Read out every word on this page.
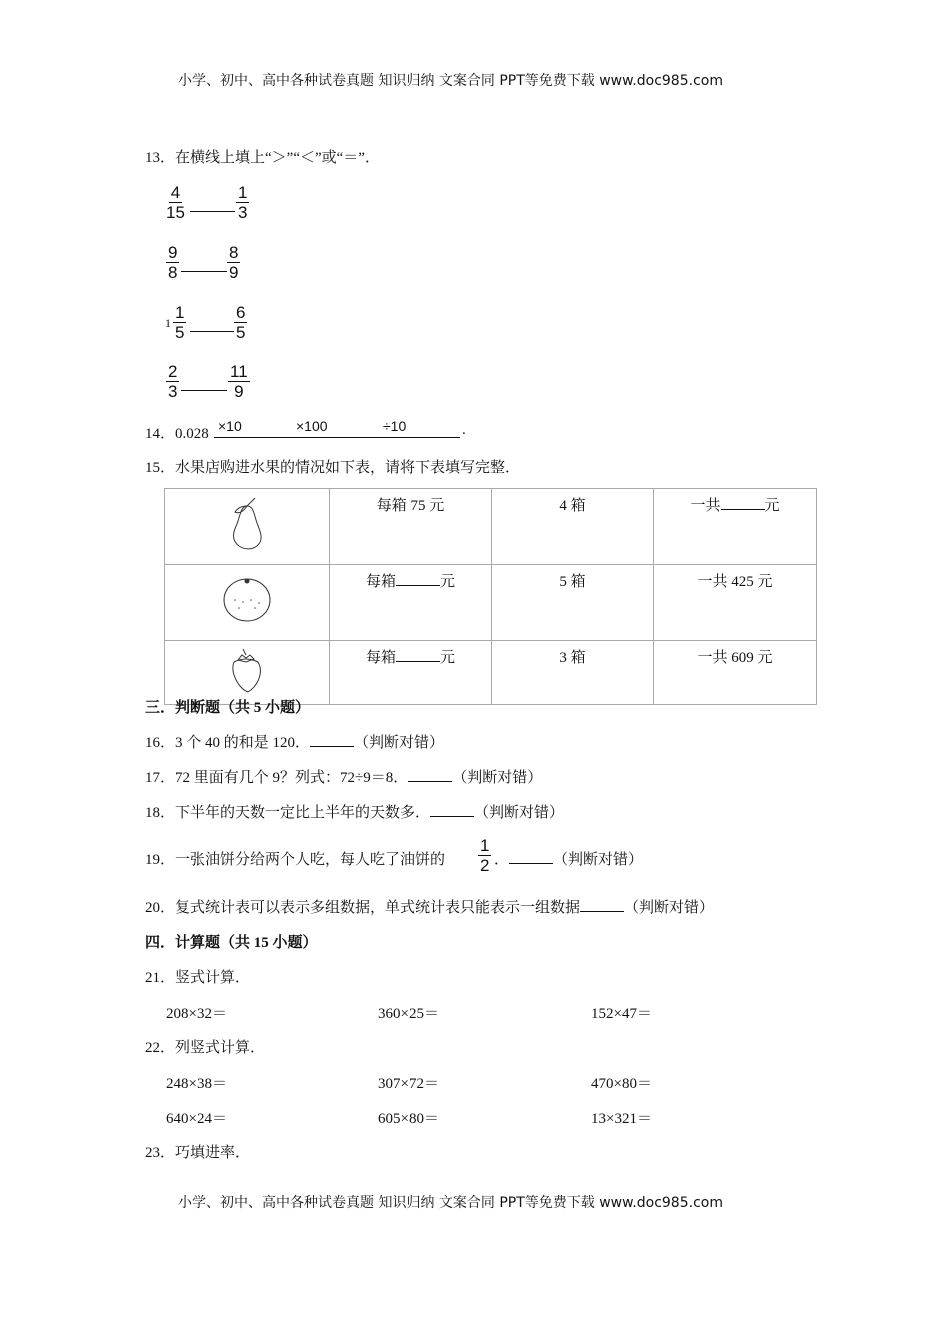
小学、初中、高中各种试卷真题 知识归纳 文案合同 PPT等免费下载 www.doc985.com
13．在横线上填上“＞”“＜”或“＝”．
$\frac{4}{15}$	$\frac{1}{3}$
$\frac{9}{8}$	$\frac{8}{9}$
$1 \frac{1}{5}$	$\frac{6}{5}$
$\frac{2}{3}$	$\frac{11}{9}$
14．0.028 ×10	×100	÷10	.
15．水果店购进水果的情况如下表，请将下表填写完整．
	每箱 75 元	4 箱	一共 元
	每箱 元	5 箱	一共 425 元
	每箱 元	3 箱	一共 609 元
三．判断题（共 5 小题）
16．3 个 40 的和是 120．	（判断对错）
17．72 里面有几个 9？列式：72÷9＝8．	（判断对错）
18．下半年的天数一定比上半年的天数多．	（判断对错）
19．一张油饼分给两个人吃，每人吃了油饼的 $\frac{1}{2}$ ．	（判断对错）
20．复式统计表可以表示多组数据，单式统计表只能表示一组数据	（判断对错）
四．计算题（共 15 小题）
21．竖式计算．
208×32＝	360×25＝	152×47＝
22．列竖式计算．
248×38＝	307×72＝	470×80＝
640×24＝	605×80＝	13×321＝
23．巧填进率．
小学、初中、高中各种试卷真题 知识归纳 文案合同 PPT等免费下载 www.doc985.com
